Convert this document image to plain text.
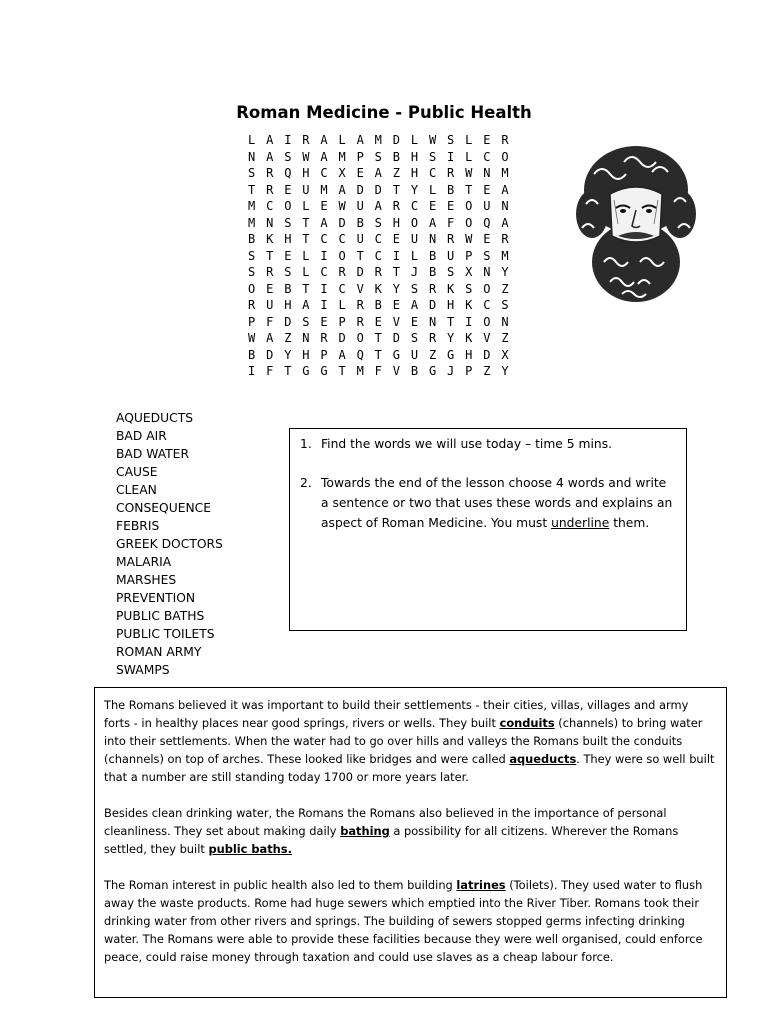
Roman Medicine - Public Health
L A I R A L A M D L W S L E R
N A S W A M P S B H S I L C O
S R Q H C X E A Z H C R W N M
T R E U M A D D T Y L B T E A
M C O L E W U A R C E E O U N
M N S T A D B S H O A F O Q A
B K H T C C U C E U N R W E R
S T E L I O T C I L B U P S M
S R S L C R D R T J B S X N Y
O E B T I C V K Y S R K S O Z
R U H A I L R B E A D H K C S
P F D S E P R E V E N T I O N
W A Z N R D O T D S R Y K V Z
B D Y H P A Q T G U Z G H D X
I F T G G T M F V B G J P Z Y
AQUEDUCTS
BAD AIR
BAD WATER
CAUSE
CLEAN
CONSEQUENCE
FEBRIS
GREEK DOCTORS
MALARIA
MARSHES
PREVENTION
PUBLIC BATHS
PUBLIC TOILETS
ROMAN ARMY
SWAMPS
1. Find the words we will use today – time 5 mins.
2. Towards the end of the lesson choose 4 words and write a sentence or two that uses these words and explains an aspect of Roman Medicine. You must underline them.

The Romans believed it was important to build their settlements - their cities, villas, villages and army forts - in healthy places near good springs, rivers or wells. They built conduits (channels) to bring water into their settlements. When the water had to go over hills and valleys the Romans built the conduits (channels) on top of arches. These looked like bridges and were called aqueducts. They were so well built that a number are still standing today 1700 or more years later.

Besides clean drinking water, the Romans the Romans also believed in the importance of personal cleanliness. They set about making daily bathing a possibility for all citizens. Wherever the Romans settled, they built public baths.

The Roman interest in public health also led to them building latrines (Toilets). They used water to flush away the waste products. Rome had huge sewers which emptied into the River Tiber. Romans took their drinking water from other rivers and springs. The building of sewers stopped germs infecting drinking water. The Romans were able to provide these facilities because they were well organised, could enforce peace, could raise money through taxation and could use slaves as a cheap labour force.
